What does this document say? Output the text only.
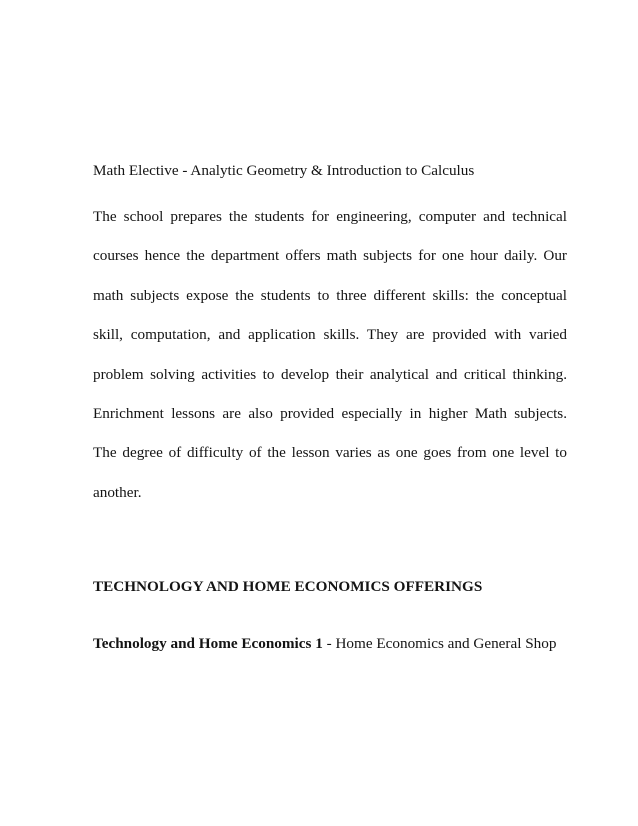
Math Elective - Analytic Geometry & Introduction to Calculus

The school prepares the students for engineering, computer and technical courses hence the department offers math subjects for one hour daily. Our math subjects expose the students to three different skills: the conceptual skill, computation, and application skills. They are provided with varied problem solving activities to develop their analytical and critical thinking. Enrichment lessons are also provided especially in higher Math subjects. The degree of difficulty of the lesson varies as one goes from one level to another.

TECHNOLOGY AND HOME ECONOMICS OFFERINGS

Technology and Home Economics 1 - Home Economics and General Shop
